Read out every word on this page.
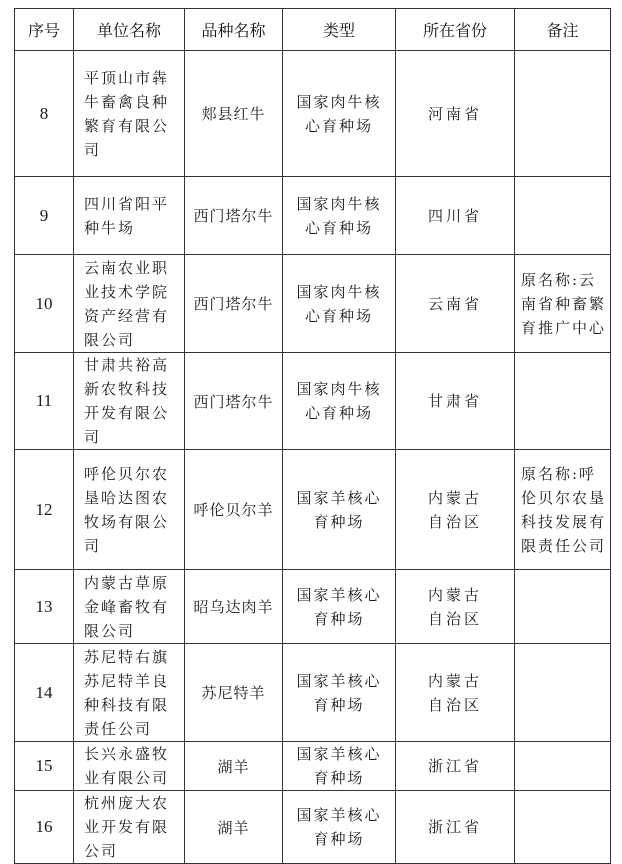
序号	单位名称	品种名称	类型	所在省份	备注
8	平顶山市犇牛畜禽良种繁育有限公司	郏县红牛	国家肉牛核心育种场	河南省	
9	四川省阳平种牛场	西门塔尔牛	国家肉牛核心育种场	四川省	
10	云南农业职业技术学院资产经营有限公司	西门塔尔牛	国家肉牛核心育种场	云南省	原名称:云南省种畜繁育推广中心
11	甘肃共裕高新农牧科技开发有限公司	西门塔尔牛	国家肉牛核心育种场	甘肃省	
12	呼伦贝尔农垦哈达图农牧场有限公司	呼伦贝尔羊	国家羊核心育种场	内蒙古自治区	原名称:呼伦贝尔农垦科技发展有限责任公司
13	内蒙古草原金峰畜牧有限公司	昭乌达肉羊	国家羊核心育种场	内蒙古自治区	
14	苏尼特右旗苏尼特羊良种科技有限责任公司	苏尼特羊	国家羊核心育种场	内蒙古自治区	
15	长兴永盛牧业有限公司	湖羊	国家羊核心育种场	浙江省	
16	杭州庞大农业开发有限公司	湖羊	国家羊核心育种场	浙江省	
